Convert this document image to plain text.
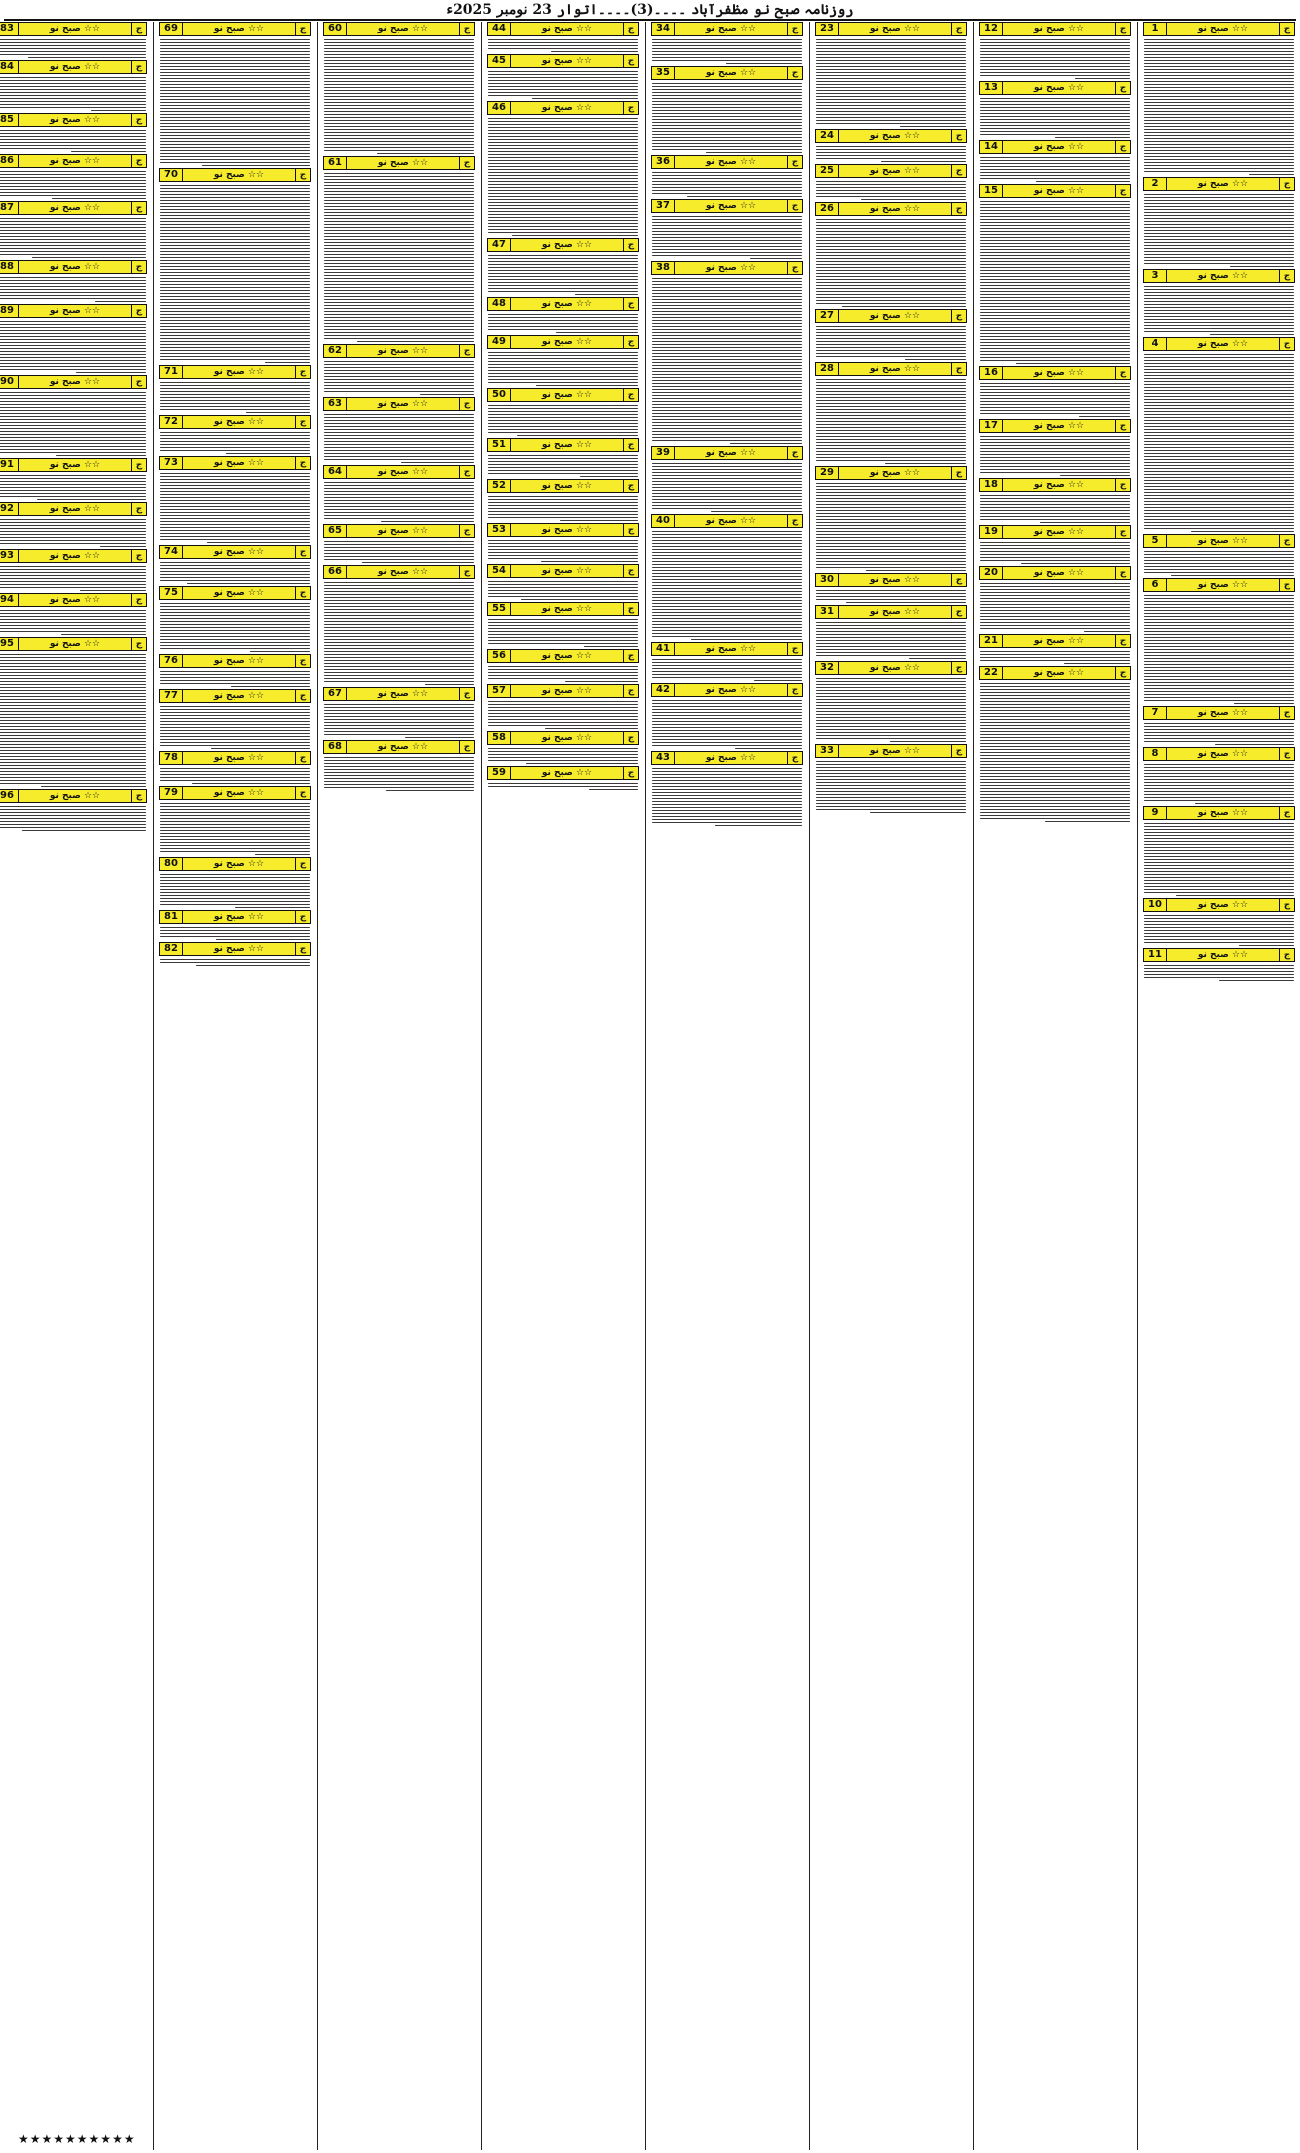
روزنامہ صبح نو مظفرآباد ۔۔۔۔(3)۔۔۔۔اتوار 23 نومبر 2025ء
1	صبح نو ☆☆	ج
2	صبح نو ☆☆	ج
3	صبح نو ☆☆	ج
4	صبح نو ☆☆	ج
5	صبح نو ☆☆	ج
6	صبح نو ☆☆	ج
7	صبح نو ☆☆	ج
8	صبح نو ☆☆	ج
9	صبح نو ☆☆	ج
10	صبح نو ☆☆	ج
11	صبح نو ☆☆	ج
12	صبح نو ☆☆	ج
13	صبح نو ☆☆	ج
14	صبح نو ☆☆	ج
15	صبح نو ☆☆	ج
16	صبح نو ☆☆	ج
17	صبح نو ☆☆	ج
18	صبح نو ☆☆	ج
19	صبح نو ☆☆	ج
20	صبح نو ☆☆	ج
21	صبح نو ☆☆	ج
22	صبح نو ☆☆	ج
23	صبح نو ☆☆	ج
24	صبح نو ☆☆	ج
25	صبح نو ☆☆	ج
26	صبح نو ☆☆	ج
27	صبح نو ☆☆	ج
28	صبح نو ☆☆	ج
29	صبح نو ☆☆	ج
30	صبح نو ☆☆	ج
31	صبح نو ☆☆	ج
32	صبح نو ☆☆	ج
33	صبح نو ☆☆	ج
34	صبح نو ☆☆	ج
35	صبح نو ☆☆	ج
36	صبح نو ☆☆	ج
37	صبح نو ☆☆	ج
38	صبح نو ☆☆	ج
39	صبح نو ☆☆	ج
40	صبح نو ☆☆	ج
41	صبح نو ☆☆	ج
42	صبح نو ☆☆	ج
43	صبح نو ☆☆	ج
44	صبح نو ☆☆	ج
45	صبح نو ☆☆	ج
46	صبح نو ☆☆	ج
47	صبح نو ☆☆	ج
48	صبح نو ☆☆	ج
49	صبح نو ☆☆	ج
50	صبح نو ☆☆	ج
51	صبح نو ☆☆	ج
52	صبح نو ☆☆	ج
53	صبح نو ☆☆	ج
54	صبح نو ☆☆	ج
55	صبح نو ☆☆	ج
56	صبح نو ☆☆	ج
57	صبح نو ☆☆	ج
58	صبح نو ☆☆	ج
59	صبح نو ☆☆	ج
60	صبح نو ☆☆	ج
61	صبح نو ☆☆	ج
62	صبح نو ☆☆	ج
63	صبح نو ☆☆	ج
64	صبح نو ☆☆	ج
65	صبح نو ☆☆	ج
66	صبح نو ☆☆	ج
67	صبح نو ☆☆	ج
68	صبح نو ☆☆	ج
69	صبح نو ☆☆	ج
70	صبح نو ☆☆	ج
71	صبح نو ☆☆	ج
72	صبح نو ☆☆	ج
73	صبح نو ☆☆	ج
74	صبح نو ☆☆	ج
75	صبح نو ☆☆	ج
76	صبح نو ☆☆	ج
77	صبح نو ☆☆	ج
78	صبح نو ☆☆	ج
79	صبح نو ☆☆	ج
80	صبح نو ☆☆	ج
81	صبح نو ☆☆	ج
82	صبح نو ☆☆	ج
83	صبح نو ☆☆	ج
84	صبح نو ☆☆	ج
85	صبح نو ☆☆	ج
86	صبح نو ☆☆	ج
87	صبح نو ☆☆	ج
88	صبح نو ☆☆	ج
89	صبح نو ☆☆	ج
90	صبح نو ☆☆	ج
91	صبح نو ☆☆	ج
92	صبح نو ☆☆	ج
93	صبح نو ☆☆	ج
94	صبح نو ☆☆	ج
95	صبح نو ☆☆	ج
96	صبح نو ☆☆	ج
★★★★★★★★★★
